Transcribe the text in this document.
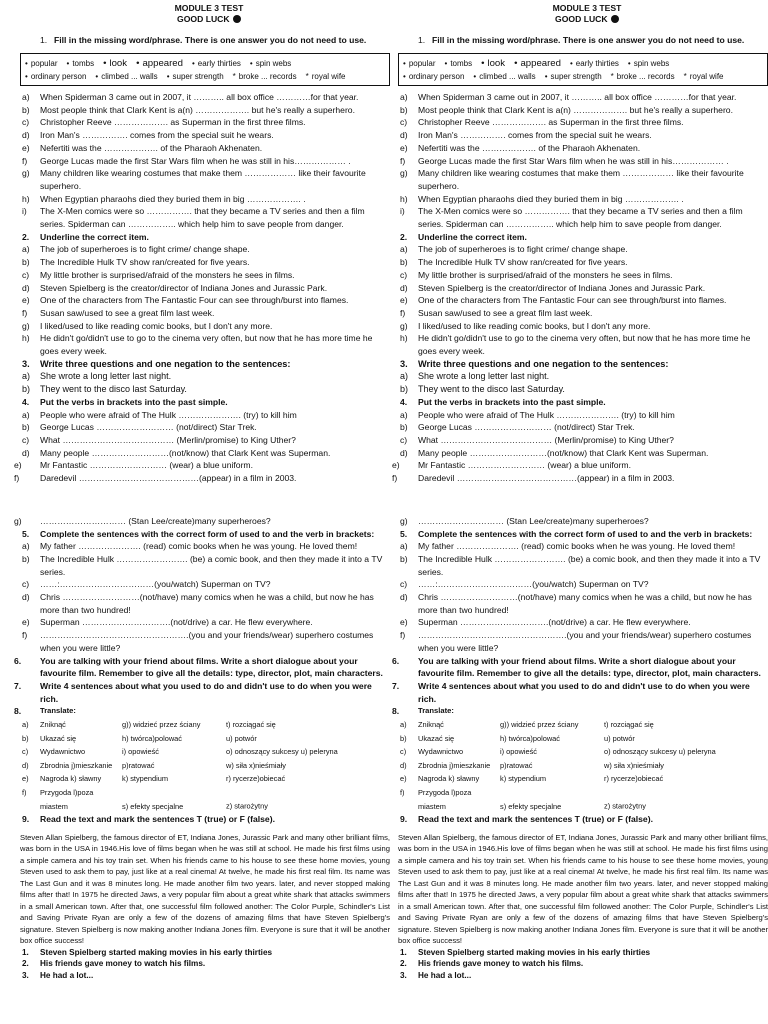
MODULE 3 TEST
GOOD LUCK
1. Fill in the missing word/phrase. There is one answer you do not need to use.
• popular • tombs • look • appeared • early thirties • spin webs
• ordinary person • climbed ... walls • super strength * broke ... records * royal wife
a)	When Spiderman 3 came out in 2007, it ……….. all box office …………for that year.
b)	Most people think that Clark Kent is a(n) ………………. but he's really a superhero.
c)	Christopher Reeve ………………. as Superman in the first three films.
d)	Iron Man's ……………. comes from the special suit he wears.
e)	Nefertiti was the ………………. of the Pharaoh Akhenaten.
f)	George Lucas made the first Star Wars film when he was still in his……………… .
g)	Many children like wearing costumes that make them ……………… like their favourite superhero.
h)	When Egyptian pharaohs died they buried them in big ………………. .
i)	The X-Men comics were so ……………. that they became a TV series and then a film series. Spiderman can …………….. which help him to save people from danger.
2.	Underline the correct item.
a)	The job of superheroes is to fight crime/ change shape.
b)	The Incredible Hulk TV show ran/created for five years.
c)	My little brother is surprised/afraid of the monsters he sees in films.
d)	Steven Spielberg is the creator/director of Indiana Jones and Jurassic Park.
e)	One of the characters from The Fantastic Four can see through/burst into flames.
f)	Susan saw/used to see a great film last week.
g)	I liked/used to like reading comic books, but I don't any more.
h)	He didn't go/didn't use to go to the cinema very often, but now that he has more time he goes every week.
3.	Write three questions and one negation to the sentences:
a)	She wrote a long letter last night.
b)	They went to the disco last Saturday.
4.	Put the verbs in brackets into the past simple.
a)	People who were afraid of The Hulk …………………. (try) to kill him
b)	George Lucas ……………………… (not/direct) Star Trek.
c)	What ………………………………… (Merlin/promise) to King Uther?
d)	Many people ………………………(not/know) that Clark Kent was Superman.
e)	Mr Fantastic ……………………… (wear) a blue uniform.
f)	Daredevil ……………………………………(appear) in a film in 2003.
g)	………………………… (Stan Lee/create)many superheroes?
5.	Complete the sentences with the correct form of used to and the verb in brackets:
a)	My father …………………. (read) comic books when he was young. He loved them!
b)	The Incredible Hulk ……………………. (be) a comic book, and then they made it into a TV series.
c)	……:……………………………(you/watch) Superman on TV?
d)	Chris ………………………(not/have) many comics when he was a child, but now he has more than two hundred!
e)	Superman ………………………….(not/drive) a car. He flew everywhere.
f)	…………………………………………….(you and your friends/wear) superhero costumes when you were little?
6.	You are talking with your friend about films. Write a short dialogue about your favourite film. Remember to give all the details: type, director, plot, main characters.
7.	Write 4 sentences about what you used to do and didn't use to do when you were rich.
8.	Translate:
a)	Zniknąć	g)) widzieć przez ściany	t) rozciągać się
b)	Ukazać się	h) twórca)polować	u) potwór
c)	Wydawnictwo	i) opowieść	o) odnoszący sukcesy u) peleryna
d)	Zbrodnia j)mieszkanie p)ratować	w) siła x)nieśmiały
e)	Nagroda k) sławny	k) stypendium	r) rycerze)obiecać
f)	Przygoda l)poza miastem	s) efekty specjalne	z) starożytny
9.	Read the text and mark the sentences T (true) or F (false).
Steven Allan Spielberg, the famous director of ET, Indiana Jones, Jurassic Park and many other brilliant films, was born in the USA in 1946.His love of films began when he was still at school. He made his first films using a simple camera and his toy train set. When his friends came to his house to see these home movies, young Steven used to ask them to pay, just like at a real cinema! At twelve, he made his first real film. Its name was The Last Gun and it was 8 minutes long. He made another film two years. later, and never stopped making films after that! In 1975 he directed Jaws, a very popular film about a great white shark that attacks swimmers in a small American town. After that, one successful film followed another: The Color Purple, Schindler's List and Saving Private Ryan are only a few of the dozens of amazing films that have Steven Spielberg's signature. Steven Spielberg is now making another Indiana Jones film. Everyone is sure that it will be another box office success!
1.	Steven Spielberg started making movies in his early thirties
2.	His friends gave money to watch his films.
3.	He had a lot...
MODULE 3 TEST
GOOD LUCK
1. Fill in the missing word/phrase. There is one answer you do not need to use.
• popular • tombs • look • appeared • early thirties • spin webs
• ordinary person • climbed ... walls • super strength * broke ... records * royal wife
a)	When Spiderman 3 came out in 2007, it ……….. all box office …………for that year.
b)	Most people think that Clark Kent is a(n) ………………. but he's really a superhero.
c)	Christopher Reeve ………………. as Superman in the first three films.
d)	Iron Man's ……………. comes from the special suit he wears.
e)	Nefertiti was the ………………. of the Pharaoh Akhenaten.
f)	George Lucas made the first Star Wars film when he was still in his……………… .
g)	Many children like wearing costumes that make them ……………… like their favourite superhero.
h)	When Egyptian pharaohs died they buried them in big ………………. .
i)	The X-Men comics were so ……………. that they became a TV series and then a film series. Spiderman can …………….. which help him to save people from danger.
2.	Underline the correct item.
a)	The job of superheroes is to fight crime/ change shape.
b)	The Incredible Hulk TV show ran/created for five years.
c)	My little brother is surprised/afraid of the monsters he sees in films.
d)	Steven Spielberg is the creator/director of Indiana Jones and Jurassic Park.
e)	One of the characters from The Fantastic Four can see through/burst into flames.
f)	Susan saw/used to see a great film last week.
g)	I liked/used to like reading comic books, but I don't any more.
h)	He didn't go/didn't use to go to the cinema very often, but now that he has more time he goes every week.
3.	Write three questions and one negation to the sentences:
a)	She wrote a long letter last night.
b)	They went to the disco last Saturday.
4.	Put the verbs in brackets into the past simple.
a)	People who were afraid of The Hulk …………………. (try) to kill him
b)	George Lucas ……………………… (not/direct) Star Trek.
c)	What ………………………………… (Merlin/promise) to King Uther?
d)	Many people ………………………(not/know) that Clark Kent was Superman.
e)	Mr Fantastic ……………………… (wear) a blue uniform.
f)	Daredevil ……………………………………(appear) in a film in 2003.
g)	………………………… (Stan Lee/create)many superheroes?
5.	Complete the sentences with the correct form of used to and the verb in brackets:
a)	My father …………………. (read) comic books when he was young. He loved them!
b)	The Incredible Hulk ……………………. (be) a comic book, and then they made it into a TV series.
c)	……:……………………………(you/watch) Superman on TV?
d)	Chris ………………………(not/have) many comics when he was a child, but now he has more than two hundred!
e)	Superman ………………………….(not/drive) a car. He flew everywhere.
f)	…………………………………………….(you and your friends/wear) superhero costumes when you were little?
6.	You are talking with your friend about films. Write a short dialogue about your favourite film. Remember to give all the details: type, director, plot, main characters.
7.	Write 4 sentences about what you used to do and didn't use to do when you were rich.
8.	Translate:
a)	Zniknąć	g)) widzieć przez ściany	t) rozciągać się
b)	Ukazać się	h) twórca)polować	u) potwór
c)	Wydawnictwo	i) opowieść	o) odnoszący sukcesy u) peleryna
d)	Zbrodnia j)mieszkanie p)ratować	w) siła x)nieśmiały
e)	Nagroda k) sławny	k) stypendium	r) rycerze)obiecać
f)	Przygoda l)poza miastem	s) efekty specjalne	z) starożytny
9.	Read the text and mark the sentences T (true) or F (false).
Steven Allan Spielberg, the famous director of ET, Indiana Jones, Jurassic Park and many other brilliant films, was born in the USA in 1946.His love of films began when he was still at school. He made his first films using a simple camera and his toy train set. When his friends came to his house to see these home movies, young Steven used to ask them to pay, just like at a real cinema! At twelve, he made his first real film. Its name was The Last Gun and it was 8 minutes long. He made another film two years. later, and never stopped making films after that! In 1975 he directed Jaws, a very popular film about a great white shark that attacks swimmers in a small American town. After that, one successful film followed another: The Color Purple, Schindler's List and Saving Private Ryan are only a few of the dozens of amazing films that have Steven Spielberg's signature. Steven Spielberg is now making another Indiana Jones film. Everyone is sure that it will be another box office success!
1.	Steven Spielberg started making movies in his early thirties
2.	His friends gave money to watch his films.
3.	He had a lot...
